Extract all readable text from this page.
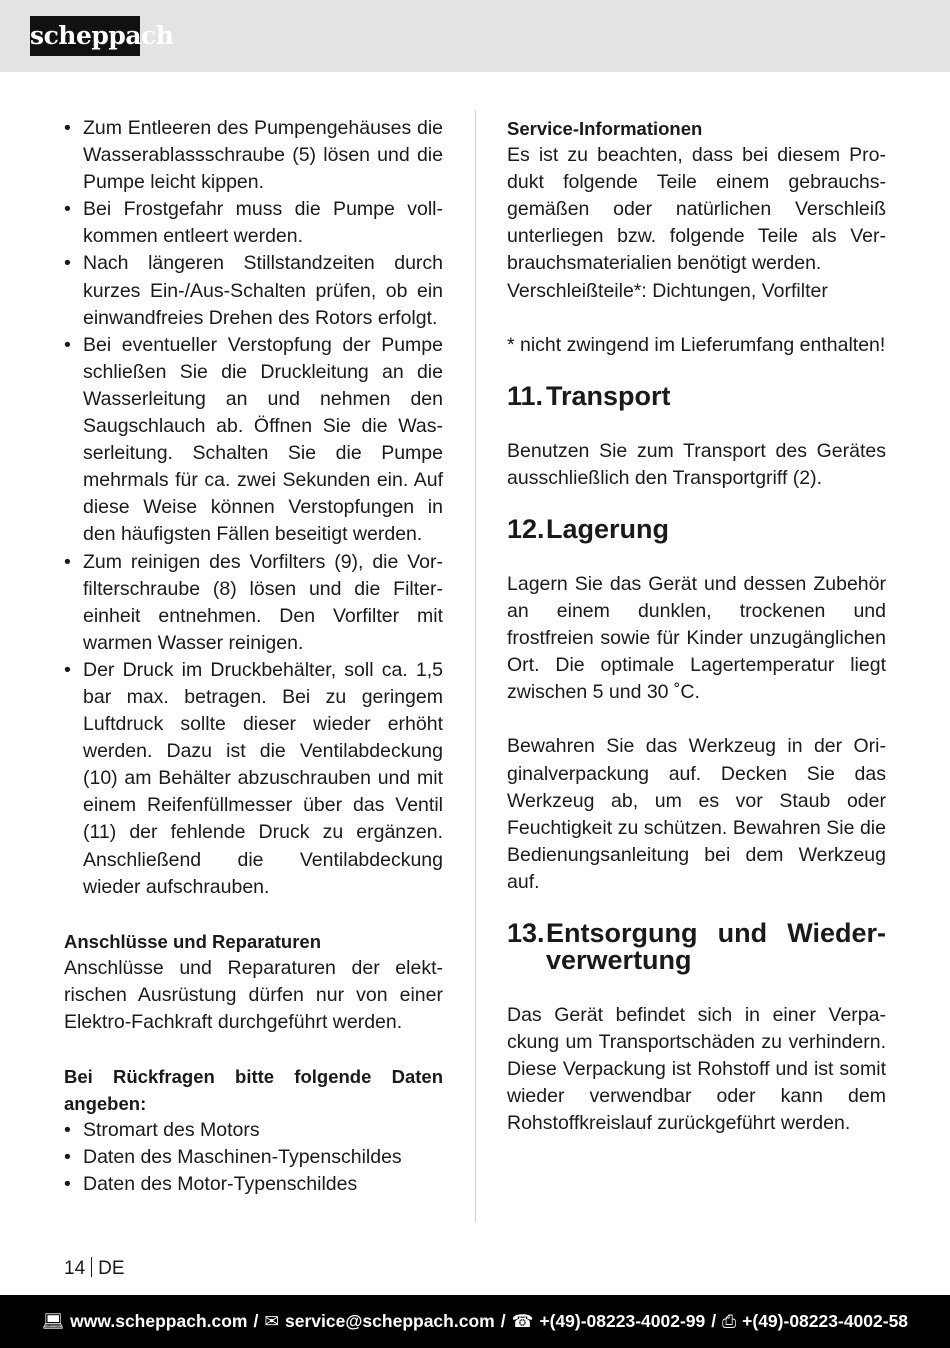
scheppach
• Zum Entleeren des Pumpengehäuses die Wasserablassschraube (5) lösen und die Pumpe leicht kippen.
• Bei Frostgefahr muss die Pumpe vollkommen entleert werden.
• Nach längeren Stillstandzeiten durch kurzes Ein-/Aus-Schalten prüfen, ob ein einwandfreies Drehen des Rotors erfolgt.
• Bei eventueller Verstopfung der Pumpe schließen Sie die Druckleitung an die Wasserleitung an und nehmen den Saugschlauch ab. Öffnen Sie die Wasserleitung. Schalten Sie die Pumpe mehrmals für ca. zwei Sekunden ein. Auf diese Weise können Verstopfungen in den häufigsten Fällen beseitigt werden.
• Zum reinigen des Vorfilters (9), die Vorfilterschraube (8) lösen und die Filtereinheit entnehmen. Den Vorfilter mit warmen Wasser reinigen.
• Der Druck im Druckbehälter, soll ca. 1,5 bar max. betragen. Bei zu geringem Luftdruck sollte dieser wieder erhöht werden. Dazu ist die Ventilabdeckung (10) am Behälter abzuschrauben und mit einem Reifenfüllmesser über das Ventil (11) der fehlende Druck zu ergänzen. Anschließend die Ventilabdeckung wieder aufschrauben.

Anschlüsse und Reparaturen

Anschlüsse und Reparaturen der elektrischen Ausrüstung dürfen nur von einer Elektro-Fachkraft durchgeführt werden.

Bei Rückfragen bitte folgende Daten angeben:

• Stromart des Motors
• Daten des Maschinen-Typenschildes
• Daten des Motor-Typenschildes

Service-Informationen

Es ist zu beachten, dass bei diesem Produkt folgende Teile einem gebrauchsgemäßen oder natürlichen Verschleiß unterliegen bzw. folgende Teile als Verbrauchsmaterialien benötigt werden.

Verschleißteile*: Dichtungen, Vorfilter

* nicht zwingend im Lieferumfang enthalten!

11. Transport

Benutzen Sie zum Transport des Gerätes ausschließlich den Transportgriff (2).

12. Lagerung

Lagern Sie das Gerät und dessen Zubehör an einem dunklen, trockenen und frostfreien sowie für Kinder unzugänglichen Ort. Die optimale Lagertemperatur liegt zwischen 5 und 30 ˚C.

Bewahren Sie das Werkzeug in der Originalverpackung auf. Decken Sie das Werkzeug ab, um es vor Staub oder Feuchtigkeit zu schützen. Bewahren Sie die Bedienungsanleitung bei dem Werkzeug auf.

13. Entsorgung und Wiederverwertung

Das Gerät befindet sich in einer Verpackung um Transportschäden zu verhindern. Diese Verpackung ist Rohstoff und ist somit wieder verwendbar oder kann dem Rohstoffkreislauf zurückgeführt werden.

14 DE
💻︎ www.scheppach.com / ✉︎ service@scheppach.com / ☎︎ +(49)-08223-4002-99 / ⎙ +(49)-08223-4002-58
